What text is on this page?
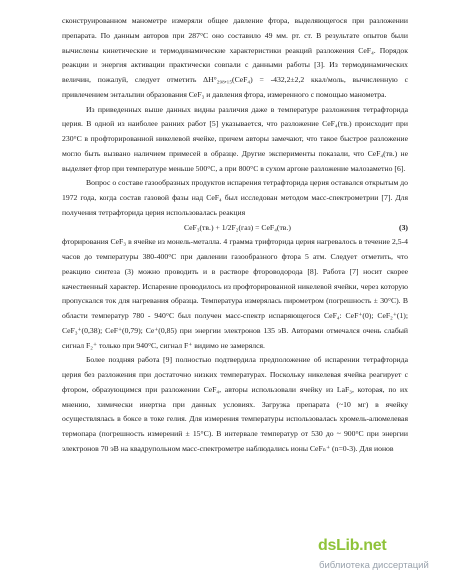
сконструированном манометре измеряли общее давление фтора, выделяющегося при разложении препарата. По данным авторов при 287°C оно составило 49 мм. рт. ст. В результате опытов были вычислены кинетические и термодинамические характеристики реакций разложения CeF₄. Порядок реакции и энергия активации практически совпали с данными работы [3]. Из термодинамических величин, пожалуй, следует отметить ΔH°₂₉₈,₁₅(CeF₄) = -432,2±2,2 ккал/моль, вычисленную с привлечением энтальпии образования CeF₃ и давления фтора, измеренного с помощью манометра.

Из приведенных выше данных видны различия даже в температуре разложения тетрафторида церия. В одной из наиболее ранних работ [5] указывается, что разложение CeF₄(тв.) происходит при 230°C в профторированной никелевой ячейке, причем авторы замечают, что такое быстрое разложение могло быть вызвано наличием примесей в образце. Другие эксперименты показали, что CeF₄(тв.) не выделяет фтор при температуре меньше 500°C, а при 800°C в сухом аргоне разложение малозаметно [6].

Вопрос о составе газообразных продуктов испарения тетрафторида церия оставался открытым до 1972 года, когда состав газовой фазы над CeF₄ был исследован методом масс-спектрометрии [7]. Для получения тетрафторида церия использовалась реакция

CeF₃(тв.) + 1/2F₂(газ) = CeF₄(тв.)	(3)

фторирования CeF₃ в ячейке из монель-металла. 4 грамма трифторида церия нагревалось в течение 2,5-4 часов до температуры 380-400°C при давлении газообразного фтора 5 атм. Следует отметить, что реакцию синтеза (3) можно проводить и в растворе фтороводорода [8]. Работа [7] носит скорее качественный характер. Испарение проводилось из профторированной никелевой ячейки, через которую пропускался ток для нагревания образца. Температура измерялась пирометром (погрешность ± 30°C). В области температур 780 - 940°C был получен масс-спектр испаряющегося CeF₄: CeF⁺(0); CeF₂⁺(1); CeF₃⁺(0,38); CeF⁺(0,79); Ce⁺(0,85) при энергии электронов 135 эВ. Авторами отмечался очень слабый сигнал F₂⁺ только при 940°C, сигнал F⁺ видимо не замерялся.

Более поздняя работа [9] полностью подтвердила предположение об испарении тетрафторида церия без разложения при достаточно низких температурах. Поскольку никелевая ячейка реагирует с фтором, образующимся при разложении CeF₄, авторы использовали ячейку из LaF₃, которая, по их мнению, химически инертна при данных условиях. Загрузка препарата (~10 мг) в ячейку осуществлялась в боксе в токе гелия. Для измерения температуры использовалась хромель-алюмелевая термопара (погрешность измерений ± 15°C). В интервале температур от 530 до ~ 900°C при энергии электронов 70 эВ на квадрупольном масс-спектрометре наблюдались ионы CeFₙ⁺ (n=0-3). Для ионов

dsLib.net
библиотека диссертаций
